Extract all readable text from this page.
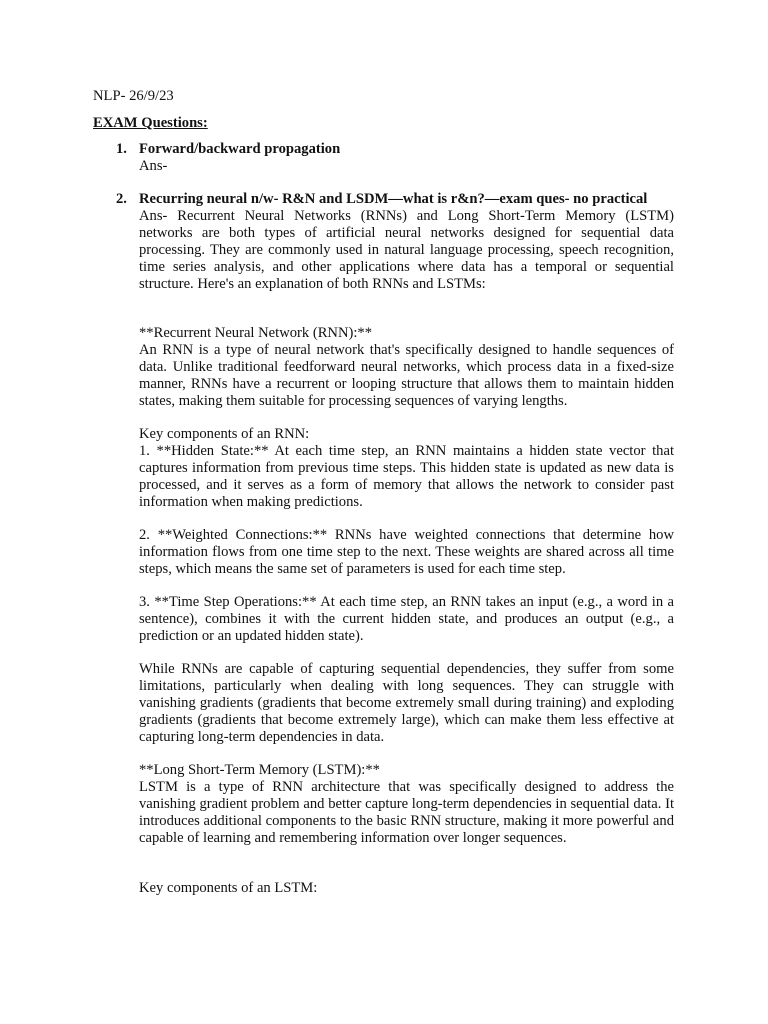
NLP- 26/9/23
EXAM Questions:
1. Forward/backward propagation
Ans-
2. Recurring neural n/w- R&N and LSDM—what is r&n?—exam ques- no practical
Ans- Recurrent Neural Networks (RNNs) and Long Short-Term Memory (LSTM) networks are both types of artificial neural networks designed for sequential data processing. They are commonly used in natural language processing, speech recognition, time series analysis, and other applications where data has a temporal or sequential structure. Here's an explanation of both RNNs and LSTMs:
**Recurrent Neural Network (RNN):**
An RNN is a type of neural network that's specifically designed to handle sequences of data. Unlike traditional feedforward neural networks, which process data in a fixed-size manner, RNNs have a recurrent or looping structure that allows them to maintain hidden states, making them suitable for processing sequences of varying lengths.
Key components of an RNN:
1. **Hidden State:** At each time step, an RNN maintains a hidden state vector that captures information from previous time steps. This hidden state is updated as new data is processed, and it serves as a form of memory that allows the network to consider past information when making predictions.
2. **Weighted Connections:** RNNs have weighted connections that determine how information flows from one time step to the next. These weights are shared across all time steps, which means the same set of parameters is used for each time step.
3. **Time Step Operations:** At each time step, an RNN takes an input (e.g., a word in a sentence), combines it with the current hidden state, and produces an output (e.g., a prediction or an updated hidden state).
While RNNs are capable of capturing sequential dependencies, they suffer from some limitations, particularly when dealing with long sequences. They can struggle with vanishing gradients (gradients that become extremely small during training) and exploding gradients (gradients that become extremely large), which can make them less effective at capturing long-term dependencies in data.
**Long Short-Term Memory (LSTM):**
LSTM is a type of RNN architecture that was specifically designed to address the vanishing gradient problem and better capture long-term dependencies in sequential data. It introduces additional components to the basic RNN structure, making it more powerful and capable of learning and remembering information over longer sequences.
Key components of an LSTM:
